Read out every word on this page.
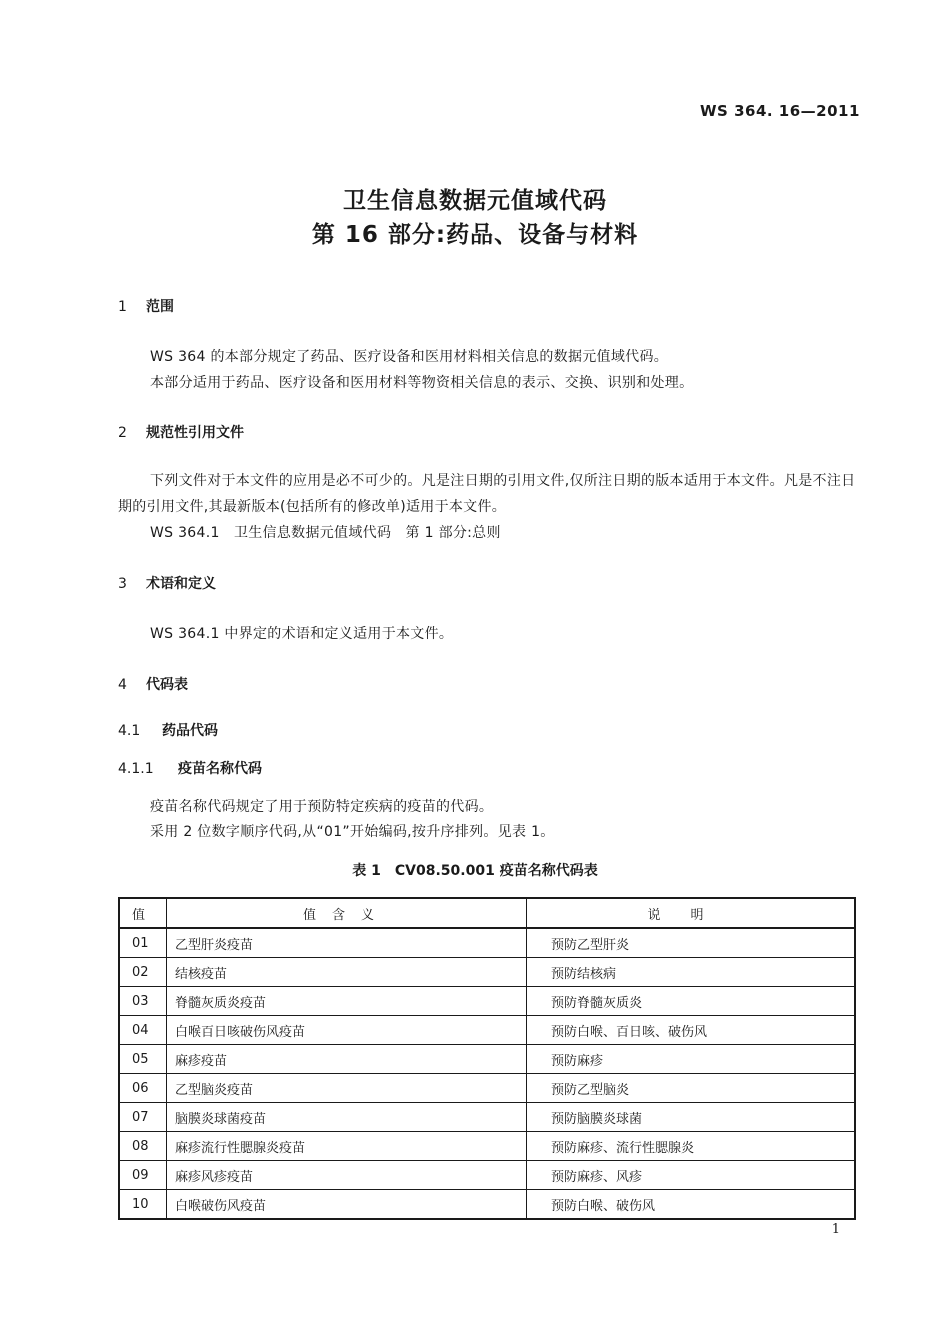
WS 364. 16—2011
卫生信息数据元值域代码
第 16 部分:药品、设备与材料
1 范围
WS 364 的本部分规定了药品、医疗设备和医用材料相关信息的数据元值域代码。
本部分适用于药品、医疗设备和医用材料等物资相关信息的表示、交换、识别和处理。
2 规范性引用文件
下列文件对于本文件的应用是必不可少的。凡是注日期的引用文件,仅所注日期的版本适用于本文件。凡是不注日期的引用文件,其最新版本(包括所有的修改单)适用于本文件。
WS 364.1　卫生信息数据元值域代码　第 1 部分:总则
3 术语和定义
WS 364.1 中界定的术语和定义适用于本文件。
4 代码表
4.1 药品代码
4.1.1 疫苗名称代码
疫苗名称代码规定了用于预防特定疾病的疫苗的代码。
采用 2 位数字顺序代码,从“01”开始编码,按升序排列。见表 1。
表 1　CV08.50.001 疫苗名称代码表
值	值含义	说明
01	乙型肝炎疫苗	预防乙型肝炎
02	结核疫苗	预防结核病
03	脊髓灰质炎疫苗	预防脊髓灰质炎
04	白喉百日咳破伤风疫苗	预防白喉、百日咳、破伤风
05	麻疹疫苗	预防麻疹
06	乙型脑炎疫苗	预防乙型脑炎
07	脑膜炎球菌疫苗	预防脑膜炎球菌
08	麻疹流行性腮腺炎疫苗	预防麻疹、流行性腮腺炎
09	麻疹风疹疫苗	预防麻疹、风疹
10	白喉破伤风疫苗	预防白喉、破伤风
1
